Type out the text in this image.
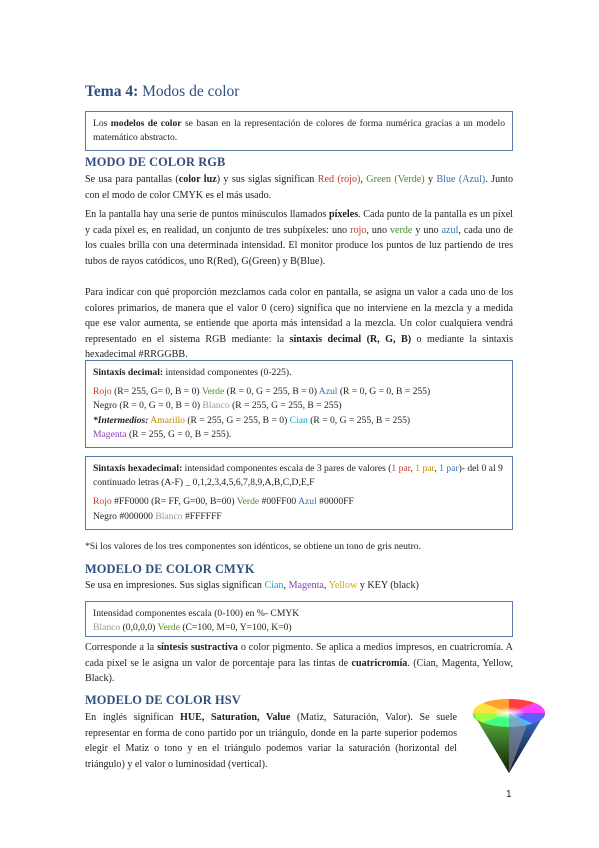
Tema 4: Modos de color
Los modelos de color se basan en la representación de colores de forma numérica gracias a un modelo matemático abstracto.
MODO DE COLOR RGB

Se usa para pantallas (color luz) y sus siglas significan Red (rojo), Green (Verde) y Blue (Azul). Junto con el modo de color CMYK es el más usado.

En la pantalla hay una serie de puntos minúsculos llamados píxeles. Cada punto de la pantalla es un píxel y cada píxel es, en realidad, un conjunto de tres subpíxeles: uno rojo, uno verde y uno azul, cada uno de los cuales brilla con una determinada intensidad. El monitor produce los puntos de luz partiendo de tres tubos de rayos catódicos, uno R(Red), G(Green) y B(Blue).

Para indicar con qué proporción mezclamos cada color en pantalla, se asigna un valor a cada uno de los colores primarios, de manera que el valor 0 (cero) significa que no interviene en la mezcla y a medida que ese valor aumenta, se entiende que aporta más intensidad a la mezcla. Un color cualquiera vendrá representado en el sistema RGB mediante: la sintaxis decimal (R, G, B) o mediante la sintaxis hexadecimal #RRGGBB.

Sintaxis decimal: intensidad componentes (0-225).
Rojo (R= 255, G= 0, B = 0) Verde (R = 0, G = 255, B = 0) Azul (R = 0, G = 0, B = 255)
Negro (R = 0, G = 0, B = 0) Blanco (R = 255, G = 255, B = 255)
*Intermedios: Amarillo (R = 255, G = 255, B = 0) Cian (R = 0, G = 255, B = 255)
Magenta (R = 255, G = 0, B = 255).
Sintaxis hexadecimal: intensidad componentes escala de 3 pares de valores (1 par, 1 par, 1 par)- del 0 al 9 continuado letras (A-F) _ 0,1,2,3,4,5,6,7,8,9,A,B,C,D,E,F
Rojo #FF0000 (R= FF, G=00, B=00) Verde #00FF00 Azul #0000FF
Negro #000000 Blanco #FFFFFF

*Si los valores de los tres componentes son idénticos, se obtiene un tono de gris neutro.

MODELO DE COLOR CMYK

Se usa en impresiones. Sus siglas significan Cian, Magenta, Yellow y KEY (black)

Intensidad componentes escala (0-100) en %- CMYK
Blanco (0,0,0,0) Verde (C=100, M=0, Y=100, K=0)

Corresponde a la síntesis sustractiva o color pigmento. Se aplica a medios impresos, en cuatricromía. A cada píxel se le asigna un valor de porcentaje para las tintas de cuatricromía. (Cian, Magenta, Yellow, Black).

MODELO DE COLOR HSV

En inglés significan HUE, Saturation, Value (Matiz, Saturación, Valor). Se suele representar en forma de cono partido por un triángulo, donde en la parte superior podemos elegir el Matiz o tono y en el triángulo podemos variar la saturación (horizontal del triángulo) y el valor o luminosidad (vertical).

1
